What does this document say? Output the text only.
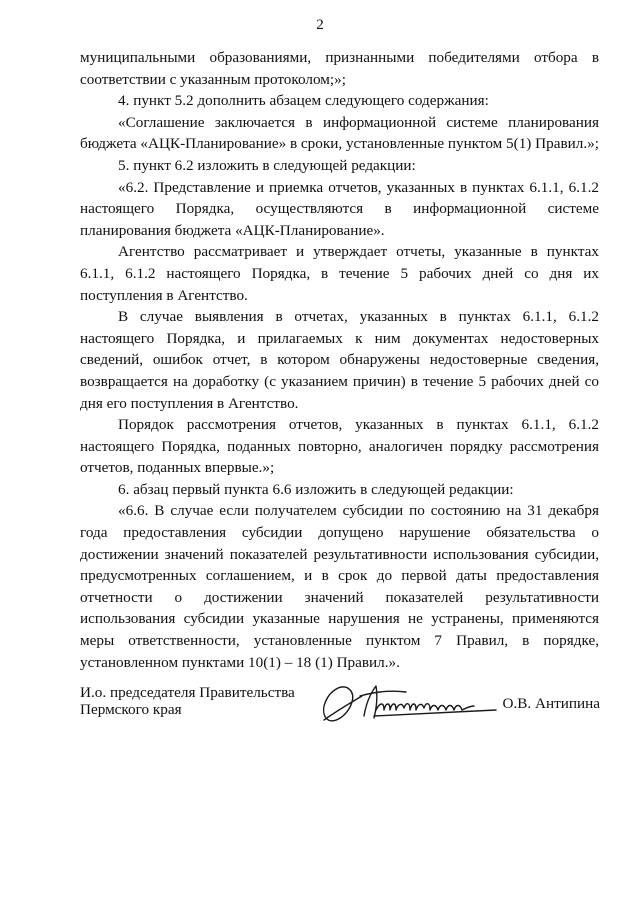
2

муниципальными образованиями, признанными победителями отбора в соответствии с указанным протоколом;»;

4. пункт 5.2 дополнить абзацем следующего содержания:

«Соглашение заключается в информационной системе планирования бюджета «АЦК-Планирование» в сроки, установленные пунктом 5(1) Правил.»;

5. пункт 6.2 изложить в следующей редакции:

«6.2. Представление и приемка отчетов, указанных в пунктах 6.1.1, 6.1.2 настоящего Порядка, осуществляются в информационной системе планирования бюджета «АЦК-Планирование».

Агентство рассматривает и утверждает отчеты, указанные в пунктах 6.1.1, 6.1.2 настоящего Порядка, в течение 5 рабочих дней со дня их поступления в Агентство.

В случае выявления в отчетах, указанных в пунктах 6.1.1, 6.1.2 настоящего Порядка, и прилагаемых к ним документах недостоверных сведений, ошибок отчет, в котором обнаружены недостоверные сведения, возвращается на доработку (с указанием причин) в течение 5 рабочих дней со дня его поступления в Агентство.

Порядок рассмотрения отчетов, указанных в пунктах 6.1.1, 6.1.2 настоящего Порядка, поданных повторно, аналогичен порядку рассмотрения отчетов, поданных впервые.»;

6. абзац первый пункта 6.6 изложить в следующей редакции:

«6.6. В случае если получателем субсидии по состоянию на 31 декабря года предоставления субсидии допущено нарушение обязательства о достижении значений показателей результативности использования субсидии, предусмотренных соглашением, и в срок до первой даты предоставления отчетности о достижении значений показателей результативности использования субсидии указанные нарушения не устранены, применяются меры ответственности, установленные пунктом 7 Правил, в порядке, установленном пунктами 10(1) – 18 (1) Правил.».

И.о. председателя Правительства
Пермского края	О.В. Антипина
